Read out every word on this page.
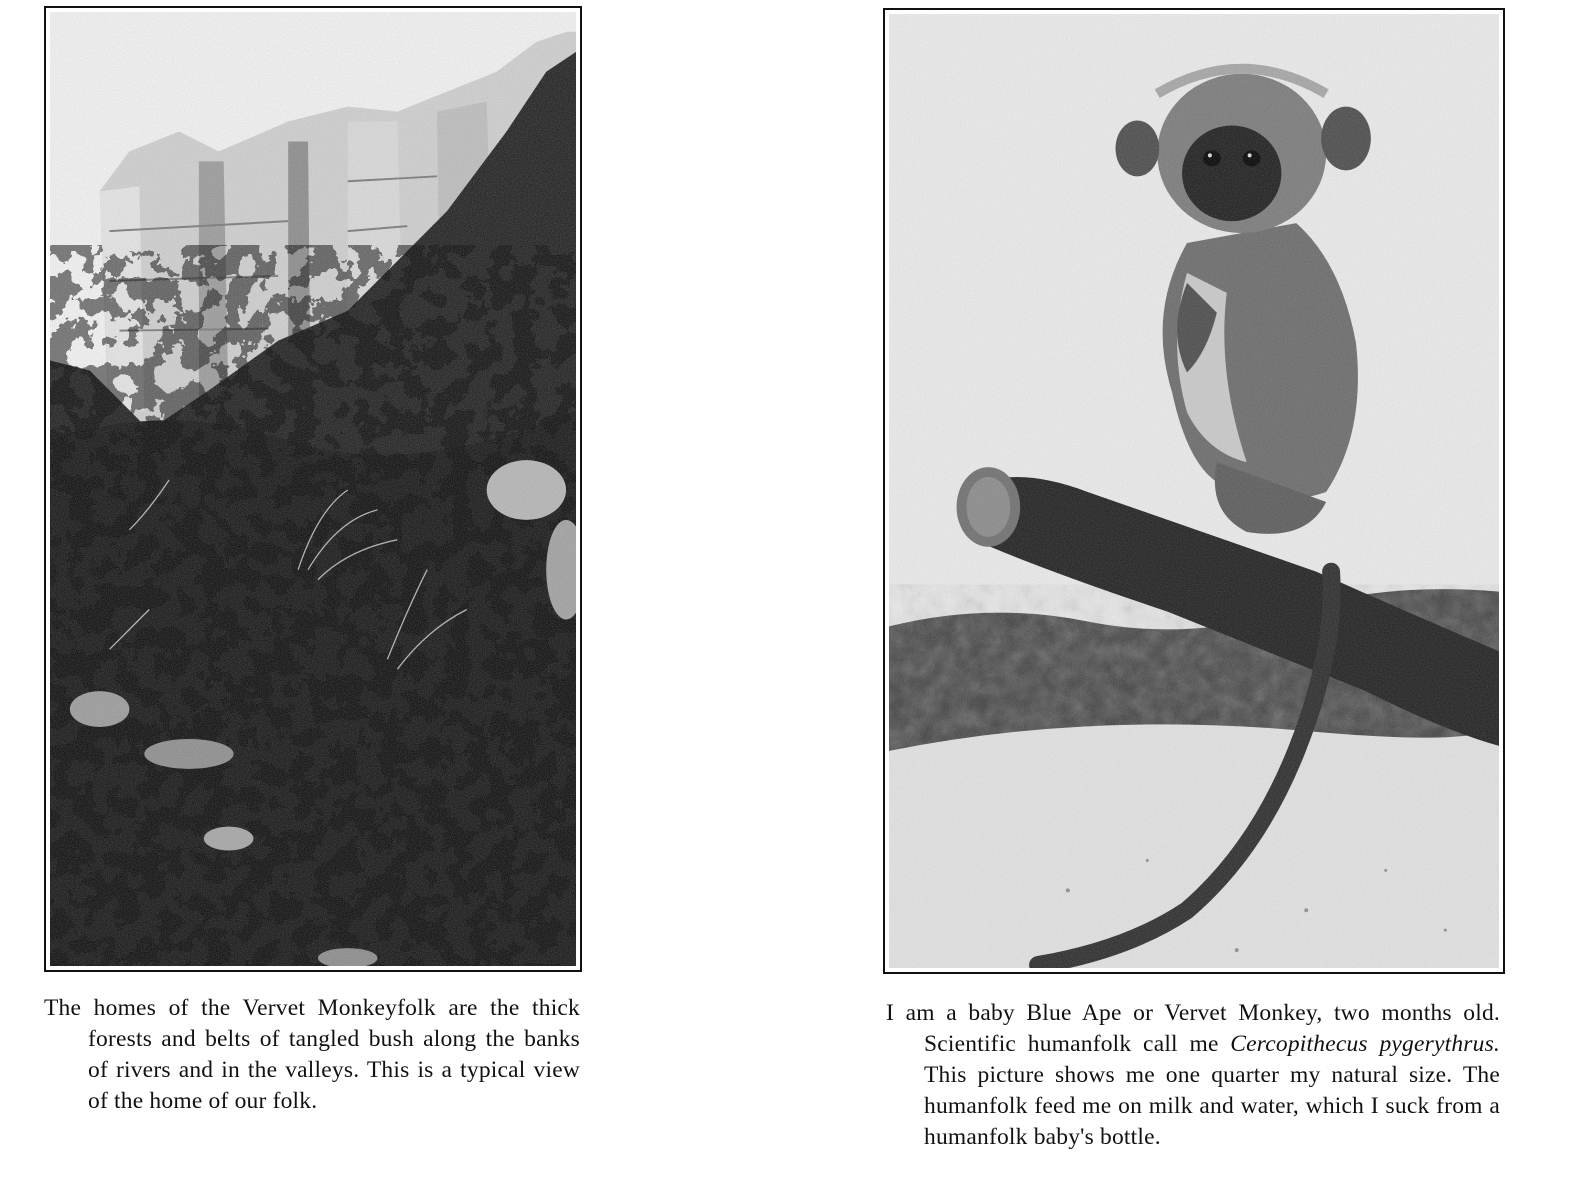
The homes of the Vervet Monkeyfolk are the thick forests and belts of tangled bush along the banks of rivers and in the valleys. This is a typical view of the home of our folk.

I am a baby Blue Ape or Vervet Monkey, two months old. Scientific humanfolk call me Cercopithecus pygerythrus. This picture shows me one quarter my natural size. The humanfolk feed me on milk and water, which I suck from a humanfolk baby's bottle.
